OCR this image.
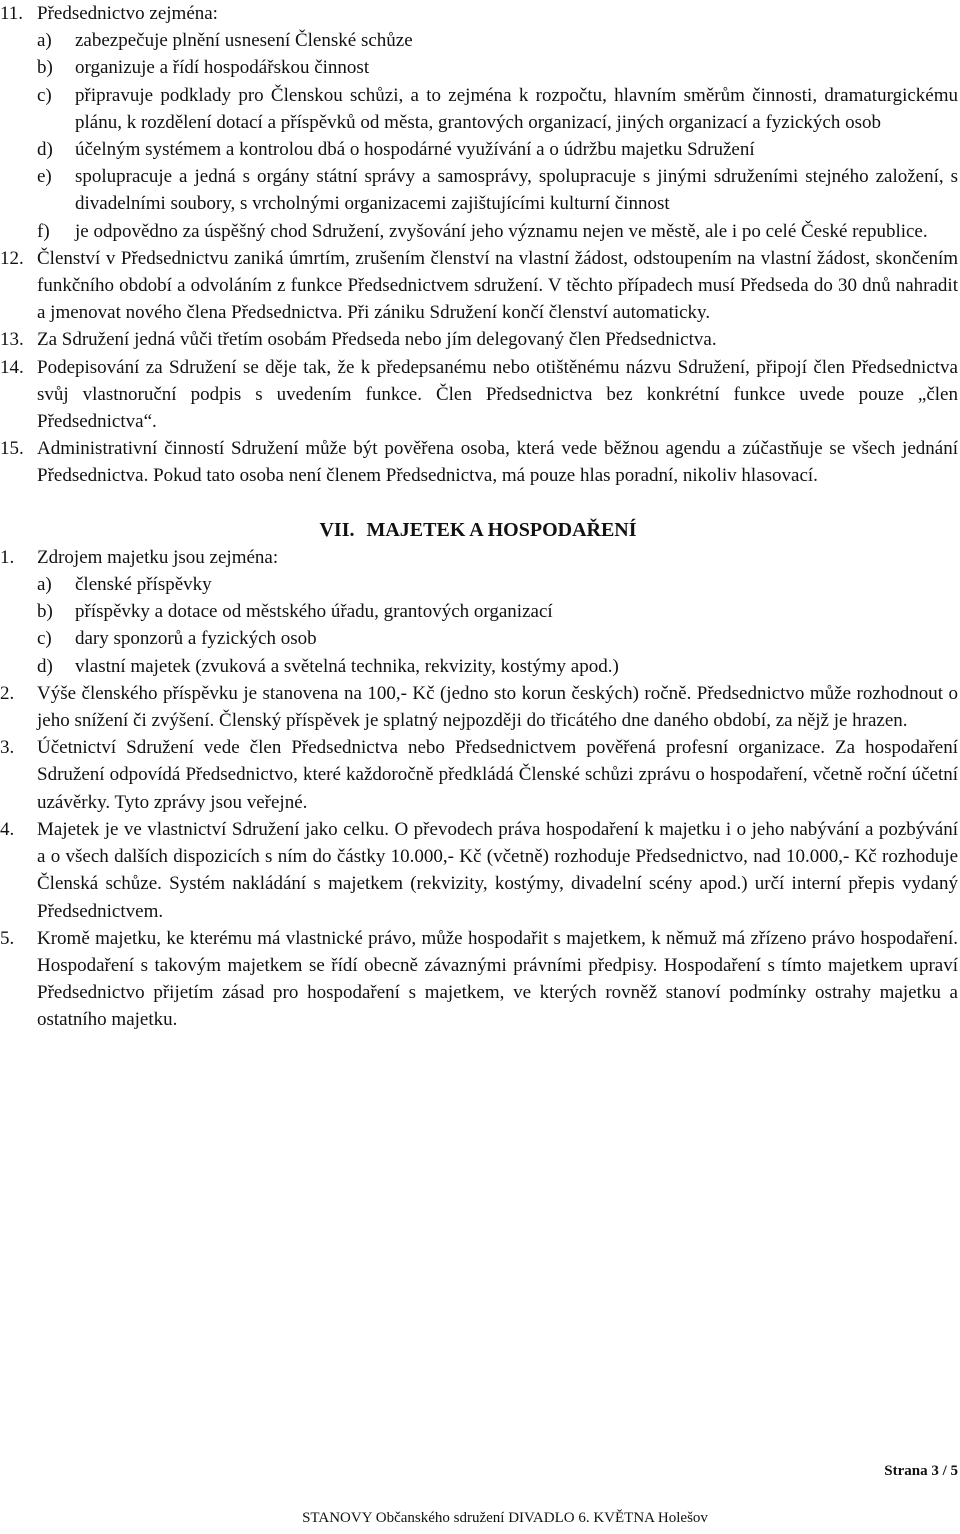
11. Předsednictvo zejména:
a) zabezpečuje plnění usnesení Členské schůze
b) organizuje a řídí hospodářskou činnost
c) připravuje podklady pro Členskou schůzi, a to zejména k rozpočtu, hlavním směrům činnosti, dramaturgickému plánu, k rozdělení dotací a příspěvků od města, grantových organizací, jiných organizací a fyzických osob
d) účelným systémem a kontrolou dbá o hospodárné využívání a o údržbu majetku Sdružení
e) spolupracuje a jedná s orgány státní správy a samosprávy, spolupracuje s jinými sdruženími stejného založení, s divadelními soubory, s vrcholnými organizacemi zajištujícími kulturní činnost
f) je odpovědno za úspěšný chod Sdružení, zvyšování jeho významu nejen ve městě, ale i po celé České republice.
12. Členství v Předsednictvu zaniká úmrtím, zrušením členství na vlastní žádost, odstoupením na vlastní žádost, skončením funkčního období a odvoláním z funkce Předsednictvem sdružení. V těchto případech musí Předseda do 30 dnů nahradit a jmenovat nového člena Předsednictva. Při zániku Sdružení končí členství automaticky.
13. Za Sdružení jedná vůči třetím osobám Předseda nebo jím delegovaný člen Předsednictva.
14. Podepisování za Sdružení se děje tak, že k předepsanému nebo otištěnému názvu Sdružení, připojí člen Předsednictva svůj vlastnoruční podpis s uvedením funkce. Člen Předsednictva bez konkrétní funkce uvede pouze „člen Předsednictva“.
15. Administrativní činností Sdružení může být pověřena osoba, která vede běžnou agendu a zúčastňuje se všech jednání Předsednictva. Pokud tato osoba není členem Předsednictva, má pouze hlas poradní, nikoliv hlasovací.
VII. MAJETEK A HOSPODAŘENÍ
1. Zdrojem majetku jsou zejména:
a) členské příspěvky
b) příspěvky a dotace od městského úřadu, grantových organizací
c) dary sponzorů a fyzických osob
d) vlastní majetek (zvuková a světelná technika, rekvizity, kostýmy apod.)
2. Výše členského příspěvku je stanovena na 100,- Kč (jedno sto korun českých) ročně. Předsednictvo může rozhodnout o jeho snížení či zvýšení. Členský příspěvek je splatný nejpozději do třicátého dne daného období, za nějž je hrazen.
3. Účetnictví Sdružení vede člen Předsednictva nebo Předsednictvem pověřená profesní organizace. Za hospodaření Sdružení odpovídá Předsednictvo, které každoročně předkládá Členské schůzi zprávu o hospodaření, včetně roční účetní uzávěrky. Tyto zprávy jsou veřejné.
4. Majetek je ve vlastnictví Sdružení jako celku. O převodech práva hospodaření k majetku i o jeho nabývání a pozbývání a o všech dalších dispozicích s ním do částky 10.000,- Kč (včetně) rozhoduje Předsednictvo, nad 10.000,- Kč rozhoduje Členská schůze. Systém nakládání s majetkem (rekvizity, kostýmy, divadelní scény apod.) určí interní přepis vydaný Předsednictvem.
5. Kromě majetku, ke kterému má vlastnické právo, může hospodařit s majetkem, k němuž má zřízeno právo hospodaření. Hospodaření s takovým majetkem se řídí obecně závaznými právními předpisy. Hospodaření s tímto majetkem upraví Předsednictvo přijetím zásad pro hospodaření s majetkem, ve kterých rovněž stanoví podmínky ostrahy majetku a ostatního majetku.
Strana 3 / 5
STANOVY Občanského sdružení DIVADLO 6. KVĚTNA Holešov
